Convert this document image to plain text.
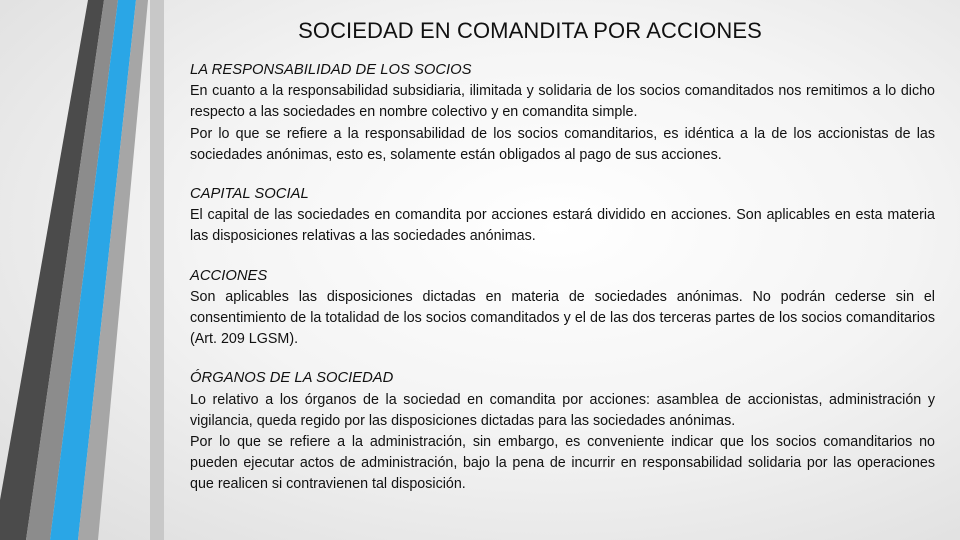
SOCIEDAD EN COMANDITA POR ACCIONES

LA RESPONSABILIDAD DE LOS SOCIOS

En cuanto a la responsabilidad subsidiaria, ilimitada y solidaria de los socios comanditados nos remitimos a lo dicho respecto a las sociedades en nombre colectivo y en comandita simple.

Por lo que se refiere a la responsabilidad de los socios comanditarios, es idéntica a la de los accionistas de las sociedades anónimas, esto es, solamente están obligados al pago de sus acciones.

CAPITAL SOCIAL

El capital de las sociedades en comandita por acciones estará dividido en acciones. Son aplicables en esta materia las disposiciones relativas a las sociedades anónimas.

ACCIONES

Son aplicables las disposiciones dictadas en materia de sociedades anónimas. No podrán cederse sin el consentimiento de la totalidad de los socios comanditados y el de las dos terceras partes de los socios comanditarios (Art. 209 LGSM).

ÓRGANOS DE LA SOCIEDAD

Lo relativo a los órganos de la sociedad en comandita por acciones: asamblea de accionistas, administración y vigilancia, queda regido por las disposiciones dictadas para las sociedades anónimas.

Por lo que se refiere a la administración, sin embargo, es conveniente indicar que los socios comanditarios no pueden ejecutar actos de administración, bajo la pena de incurrir en responsabilidad solidaria por las operaciones que realicen si contravienen tal disposición.
